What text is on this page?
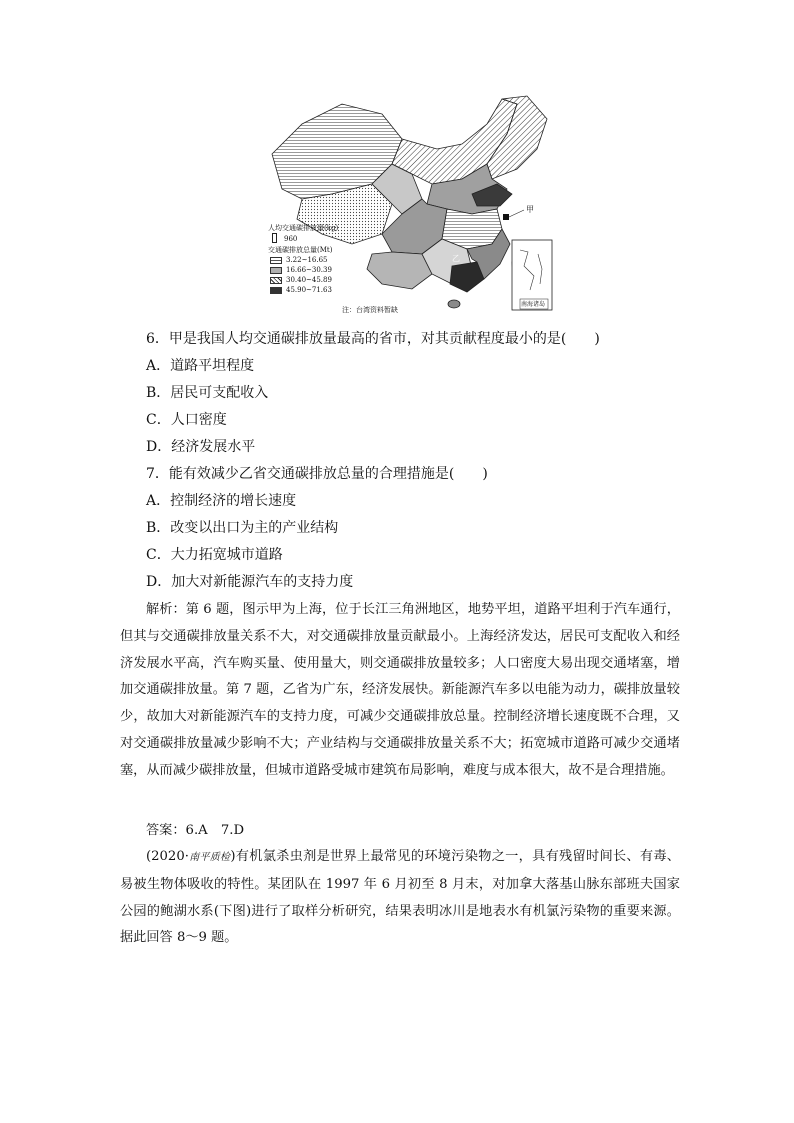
人均交通碳排放量(kg)
960
交通碳排放总量(Mt)
3.22~16.65
16.66~30.39
30.40~45.89
45.90~71.63
注：台湾资料暂缺
甲
乙
南海诸岛
6．甲是我国人均交通碳排放量最高的省市，对其贡献程度最小的是(　　)
A．道路平坦程度
B．居民可支配收入
C．人口密度
D．经济发展水平
7．能有效减少乙省交通碳排放总量的合理措施是(　　)
A．控制经济的增长速度
B．改变以出口为主的产业结构
C．大力拓宽城市道路
D．加大对新能源汽车的支持力度
解析：第 6 题，图示甲为上海，位于长江三角洲地区，地势平坦，道路平坦利于汽车通行，但其与交通碳排放量关系不大，对交通碳排放量贡献最小。上海经济发达，居民可支配收入和经济发展水平高，汽车购买量、使用量大，则交通碳排放量较多；人口密度大易出现交通堵塞，增加交通碳排放量。第 7 题，乙省为广东，经济发展快。新能源汽车多以电能为动力，碳排放量较少，故加大对新能源汽车的支持力度，可减少交通碳排放总量。控制经济增长速度既不合理，又对交通碳排放量减少影响不大；产业结构与交通碳排放量关系不大；拓宽城市道路可减少交通堵塞，从而减少碳排放量，但城市道路受城市建筑布局影响，难度与成本很大，故不是合理措施。
答案：6.A　7.D
(2020·南平质检)有机氯杀虫剂是世界上最常见的环境污染物之一，具有残留时间长、有毒、易被生物体吸收的特性。某团队在 1997 年 6 月初至 8 月末，对加拿大落基山脉东部班夫国家公园的鲍湖水系(下图)进行了取样分析研究，结果表明冰川是地表水有机氯污染物的重要来源。据此回答 8～9 题。
